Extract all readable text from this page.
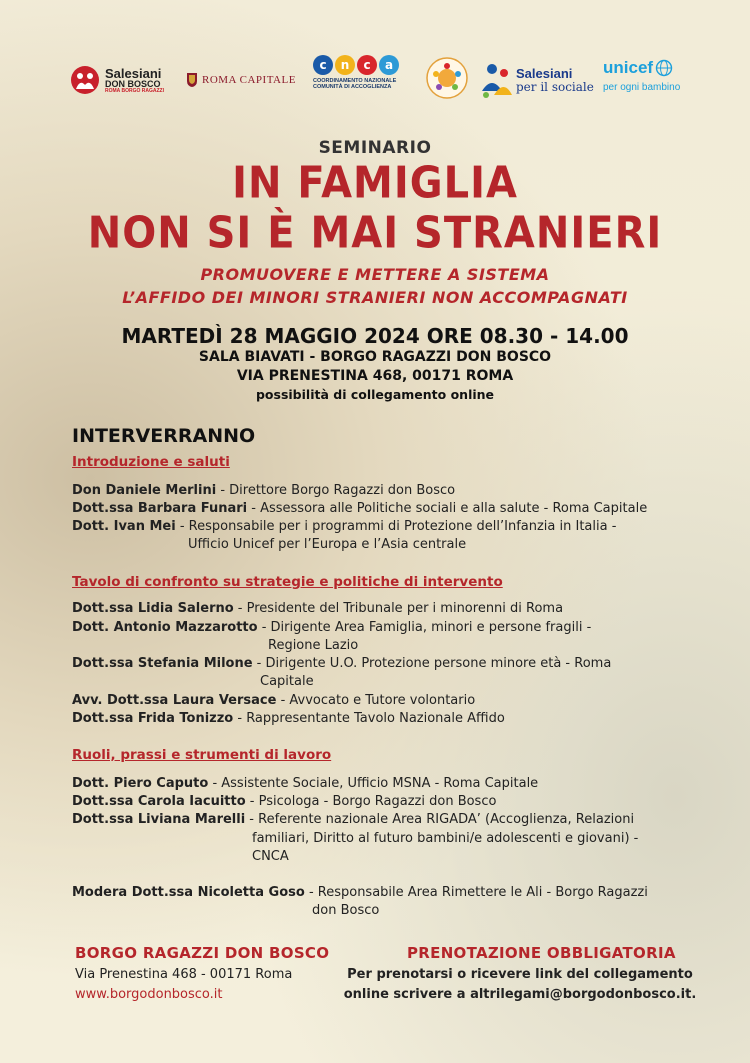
Salesiani
DON BOSCO
ROMA BORGO RAGAZZI
ROMA CAPITALE
c	n	c	a
COORDINAMENTO NAZIONALE
COMUNITÀ DI ACCOGLIENZA
Salesiani
per il sociale
unicef
per ogni bambino
SEMINARIO
IN FAMIGLIA
NON SI È MAI STRANIERI
PROMUOVERE E METTERE A SISTEMA
L’AFFIDO DEI MINORI STRANIERI NON ACCOMPAGNATI
MARTEDÌ 28 MAGGIO 2024 ORE 08.30 - 14.00
SALA BIAVATI - BORGO RAGAZZI DON BOSCO
VIA PRENESTINA 468, 00171 ROMA
possibilità di collegamento online
INTERVERRANNO
Introduzione e saluti
Don Daniele Merlini - Direttore Borgo Ragazzi don Bosco
Dott.ssa Barbara Funari - Assessora alle Politiche sociali e alla salute - Roma Capitale
Dott. Ivan Mei - Responsabile per i programmi di Protezione dell’Infanzia in Italia -
Ufficio Unicef per l’Europa e l’Asia centrale
Tavolo di confronto su strategie e politiche di intervento
Dott.ssa Lidia Salerno - Presidente del Tribunale per i minorenni di Roma
Dott. Antonio Mazzarotto - Dirigente Area Famiglia, minori e persone fragili -
Regione Lazio
Dott.ssa Stefania Milone - Dirigente U.O. Protezione persone minore età - Roma
Capitale
Avv. Dott.ssa Laura Versace - Avvocato e Tutore volontario
Dott.ssa Frida Tonizzo - Rappresentante Tavolo Nazionale Affido
Ruoli, prassi e strumenti di lavoro
Dott. Piero Caputo - Assistente Sociale, Ufficio MSNA - Roma Capitale
Dott.ssa Carola Iacuitto - Psicologa - Borgo Ragazzi don Bosco
Dott.ssa Liviana Marelli - Referente nazionale Area RIGADA’ (Accoglienza, Relazioni
familiari, Diritto al futuro bambini/e adolescenti e giovani) -
CNCA
Modera Dott.ssa Nicoletta Goso - Responsabile Area Rimettere le Ali - Borgo Ragazzi
don Bosco
BORGO RAGAZZI DON BOSCO
Via Prenestina 468 - 00171 Roma
www.borgodonbosco.it
PRENOTAZIONE OBBLIGATORIA
Per prenotarsi o ricevere link del collegamento
online scrivere a altrilegami@borgodonbosco.it.
